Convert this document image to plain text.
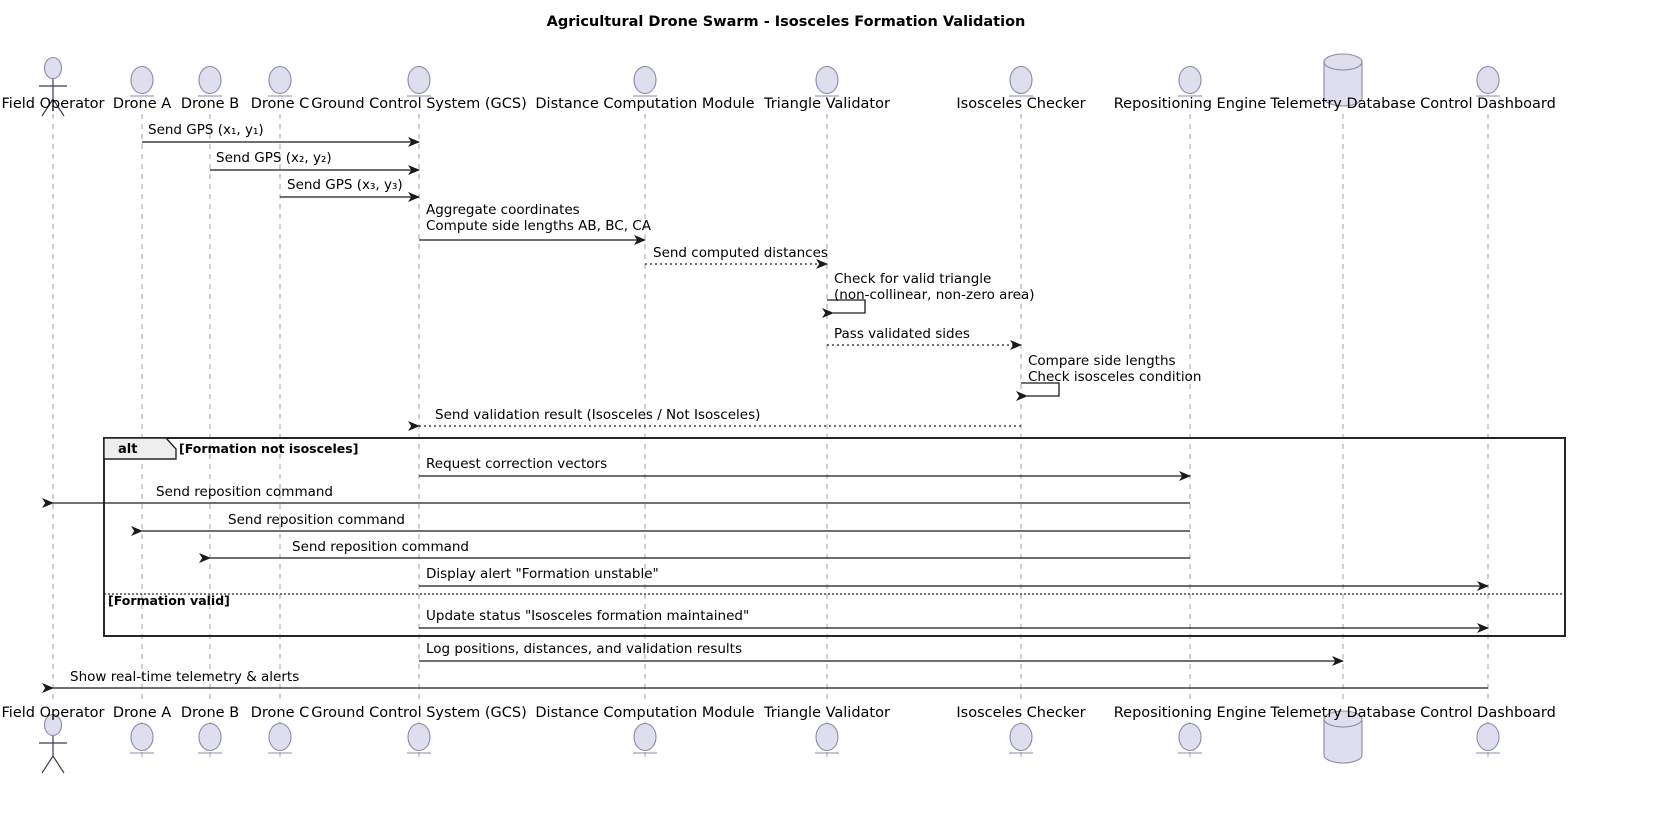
Agricultural Drone Swarm - Isosceles Formation Validation
alt	[Formation not isosceles]
[Formation valid]
Send GPS (x₁, y₁)
Send GPS (x₂, y₂)
Send GPS (x₃, y₃)
Aggregate coordinates Compute side lengths AB, BC, CA
Send computed distances
Check for valid triangle (non-collinear, non-zero area)
Pass validated sides
Compare side lengths Check isosceles condition
Send validation result (Isosceles / Not Isosceles)
Request correction vectors
Send reposition command
Send reposition command
Send reposition command
Display alert "Formation unstable"
Update status "Isosceles formation maintained"
Log positions, distances, and validation results
Show real-time telemetry & alerts
Field Operator
Field Operator
Drone A
Drone A
Drone B
Drone B
Drone C
Drone C
Ground Control System (GCS)
Ground Control System (GCS)
Distance Computation Module
Distance Computation Module
Triangle Validator
Triangle Validator
Isosceles Checker
Isosceles Checker
Repositioning Engine
Repositioning Engine
Telemetry Database
Telemetry Database
Control Dashboard
Control Dashboard
